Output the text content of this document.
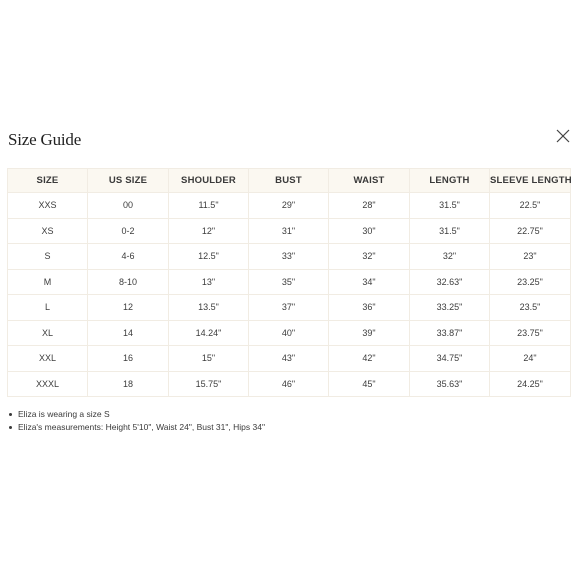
Size Guide
SIZE	US SIZE	SHOULDER	BUST	WAIST	LENGTH	SLEEVE LENGTH
XXS	00	11.5"	29"	28"	31.5"	22.5"
XS	0-2	12"	31"	30"	31.5"	22.75"
S	4-6	12.5"	33"	32"	32"	23"
M	8-10	13"	35"	34"	32.63"	23.25"
L	12	13.5"	37"	36"	33.25"	23.5"
XL	14	14.24"	40"	39"	33.87"	23.75"
XXL	16	15"	43"	42"	34.75"	24"
XXXL	18	15.75"	46"	45"	35.63"	24.25"
Eliza is wearing a size S
Eliza's measurements: Height 5'10", Waist 24", Bust 31", Hips 34"
